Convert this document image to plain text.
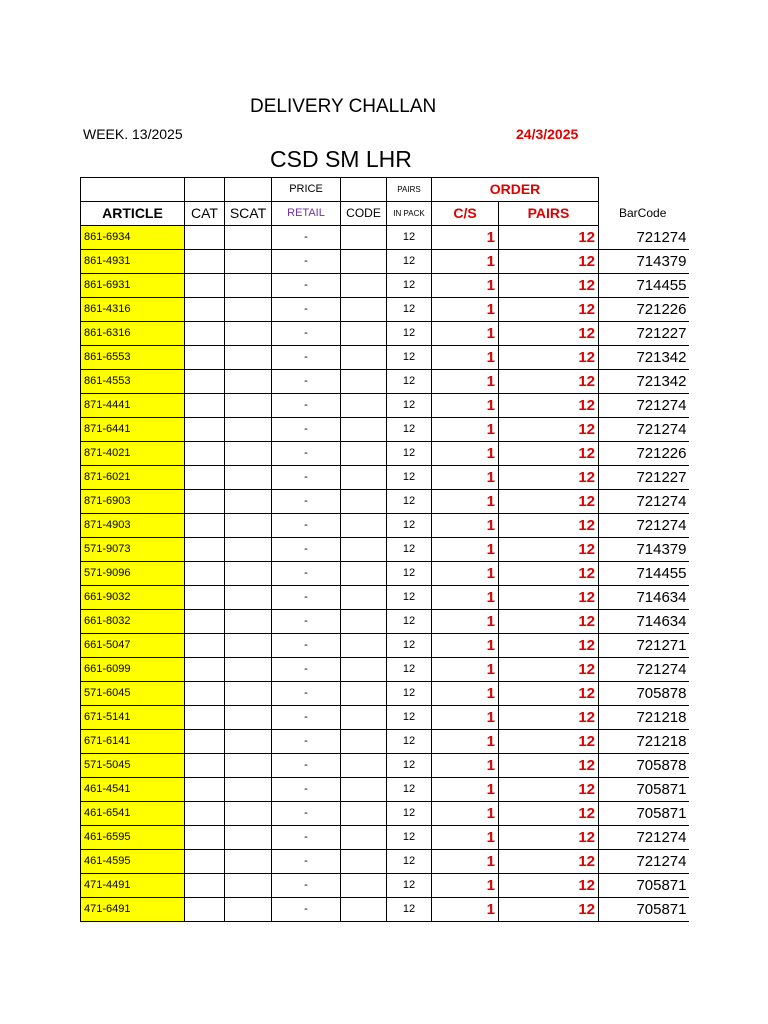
DELIVERY CHALLAN
WEEK. 13/2025	24/3/2025
CSD SM LHR
			PRICE		PAIRS	ORDER		
ARTICLE	CAT	SCAT	RETAIL	CODE	IN PACK	C/S	PAIRS	BarCode
861-6934			-		12	1	12	721274
861-4931			-		12	1	12	714379
861-6931			-		12	1	12	714455
861-4316			-		12	1	12	721226
861-6316			-		12	1	12	721227
861-6553			-		12	1	12	721342
861-4553			-		12	1	12	721342
871-4441			-		12	1	12	721274
871-6441			-		12	1	12	721274
871-4021			-		12	1	12	721226
871-6021			-		12	1	12	721227
871-6903			-		12	1	12	721274
871-4903			-		12	1	12	721274
571-9073			-		12	1	12	714379
571-9096			-		12	1	12	714455
661-9032			-		12	1	12	714634
661-8032			-		12	1	12	714634
661-5047			-		12	1	12	721271
661-6099			-		12	1	12	721274
571-6045			-		12	1	12	705878
671-5141			-		12	1	12	721218
671-6141			-		12	1	12	721218
571-5045			-		12	1	12	705878
461-4541			-		12	1	12	705871
461-6541			-		12	1	12	705871
461-6595			-		12	1	12	721274
461-4595			-		12	1	12	721274
471-4491			-		12	1	12	705871
471-6491			-		12	1	12	705871
